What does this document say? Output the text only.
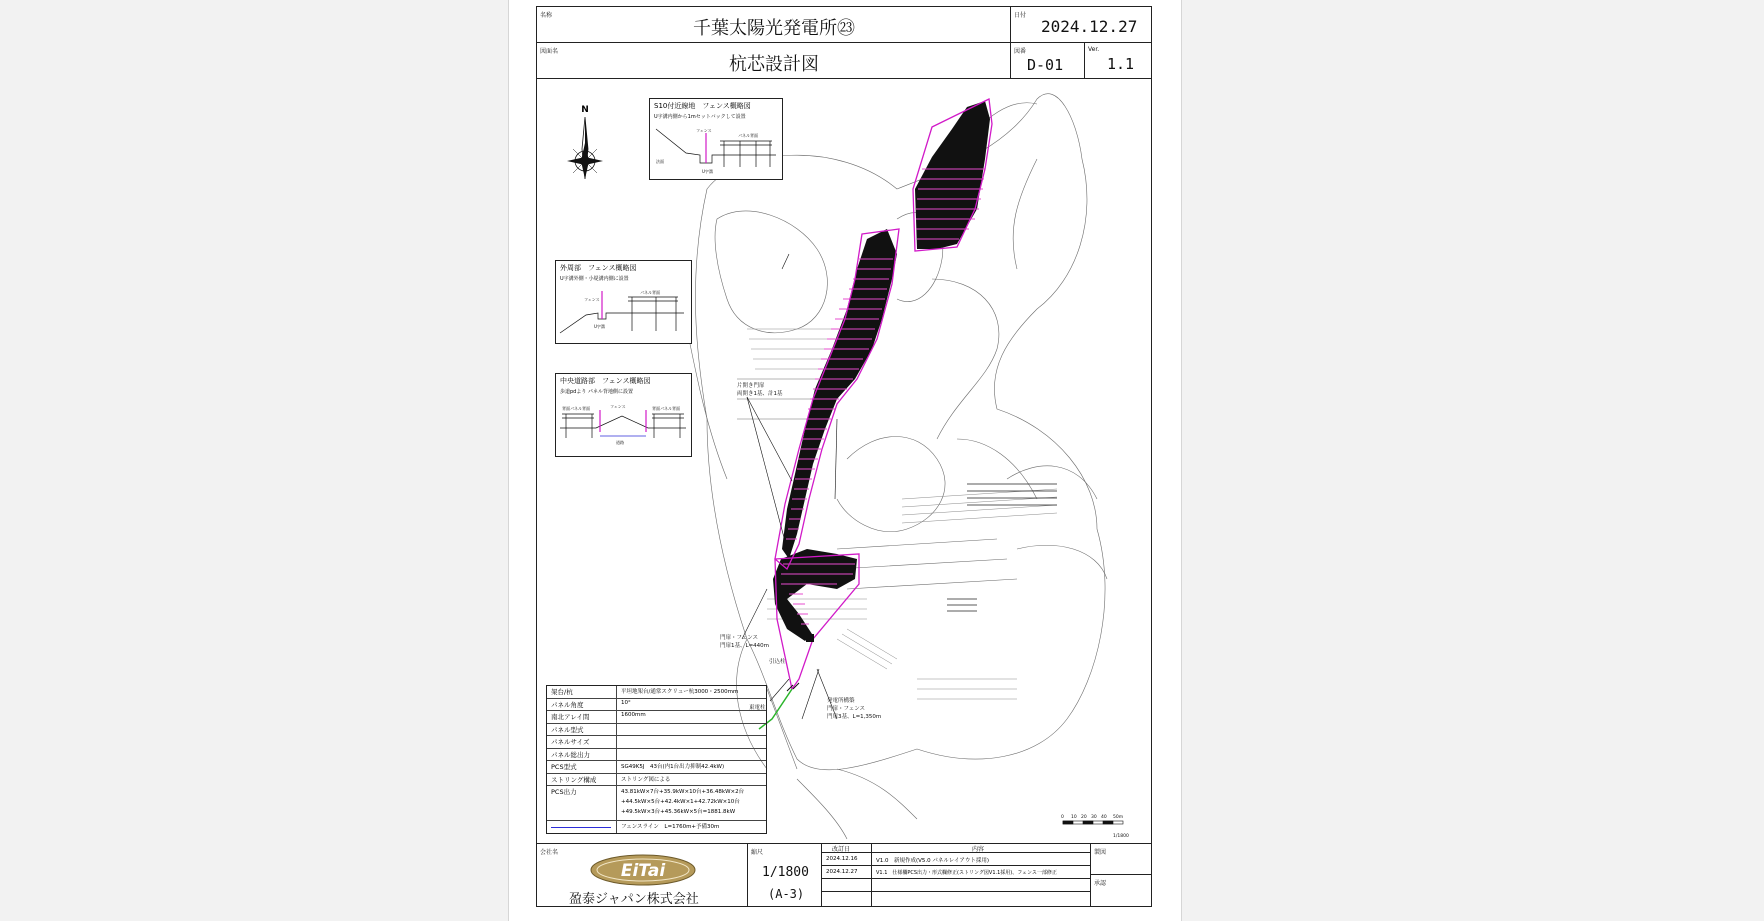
名称
千葉太陽光発電所㉓
日付
2024.12.27
図面名
杭芯設計図
図番
D-01
Ver.
1.1
N
片開き門扉
両開き1基、計1基
門扉・フェンス
門扉1基、L=440m
引込柱
東電柱
発電所構築
門扉・フェンス
門扉3基、L=1,350m
0 10 20 30 40 50m
1/1800
S10付近線地　フェンス概略図
U字溝内側から1mセットバックして設置
フェンス
法面
U字溝
パネル背面
外周部　フェンス概略図
U字溝外側・小堤溝内側に設置
フェンス
パネル背面
U字溝
中央道路部　フェンス概略図
歩道pdより パネル背地側に設置
背面パネル背面	フェンス	背面パネル背面
道路
架台/杭	平坦地架台/通常スクリュー杭3000・2500mm
パネル角度	10°
南北アレイ間	1600mm
パネル型式
パネルサイズ
パネル総出力
PCS型式	SG49K5J　43台(内1台出力抑制42.4kW)
ストリング構成	ストリング図による
PCS出力	43.81kW×7台+35.9kW×10台+36.48kW×2台+44.5kW×5台+42.4kW×1+42.72kW×10台+49.5kW×3台+45.36kW×5台=1881.8kW
フェンスライン　L=1760m+予備30m
会社名
EiTai
盈泰ジャパン株式会社
縮尺
1/1800
(A-3)
改訂日	内容
2024.12.16	V1.0　新規作成(V5.0 パネルレイアウト採用)
2024.12.27	V1.1　仕様欄PCS出力・形式欄修正(ストリング図V1.1採用)、フェンス一部修正
製図
承認
